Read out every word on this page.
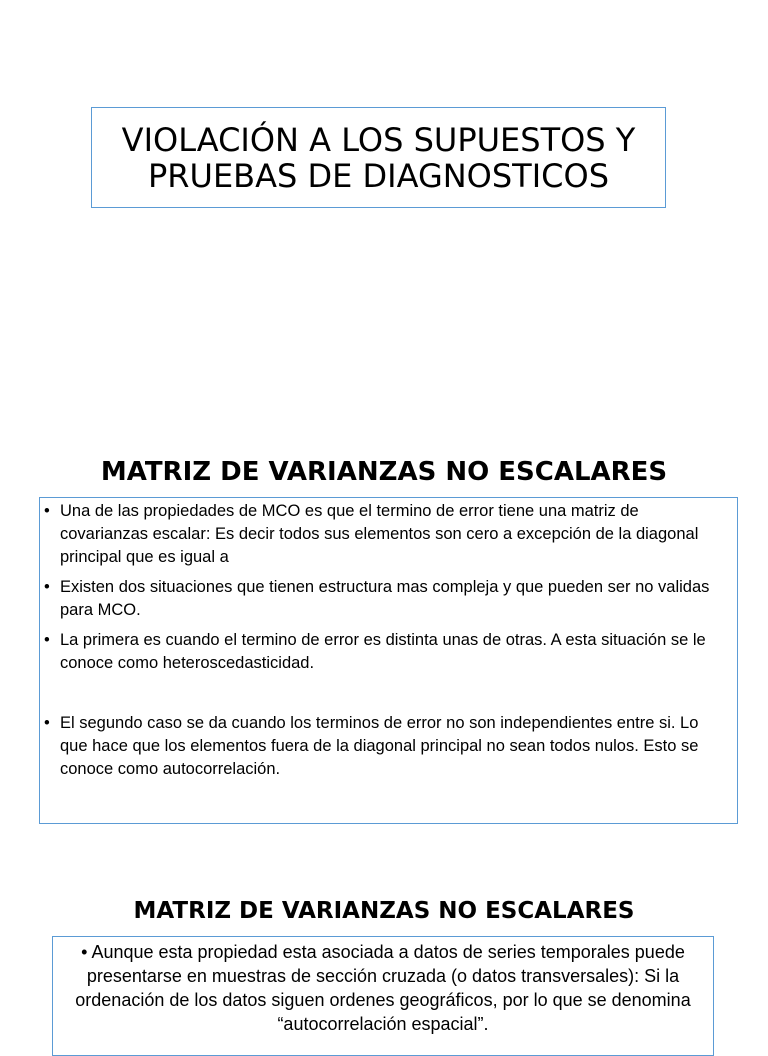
VIOLACIÓN A LOS SUPUESTOS Y
PRUEBAS DE DIAGNOSTICOS
MATRIZ DE VARIANZAS NO ESCALARES
• Una de las propiedades de MCO es que el termino de error tiene una matriz de covarianzas escalar: Es decir todos sus elementos son cero a excepción de la diagonal principal que es igual a
• Existen dos situaciones que tienen estructura mas compleja y que pueden ser no validas para MCO.
• La primera es cuando el termino de error es distinta unas de otras. A esta situación se le conoce como heteroscedasticidad.
• El segundo caso se da cuando los terminos de error no son independientes entre si. Lo que hace que los elementos fuera de la diagonal principal no sean todos nulos. Esto se conoce como autocorrelación.
MATRIZ DE VARIANZAS NO ESCALARES
• Aunque esta propiedad esta asociada a datos de series temporales puede presentarse en muestras de sección cruzada (o datos transversales): Si la ordenación de los datos siguen ordenes geográficos, por lo que se denomina “autocorrelación espacial”.
